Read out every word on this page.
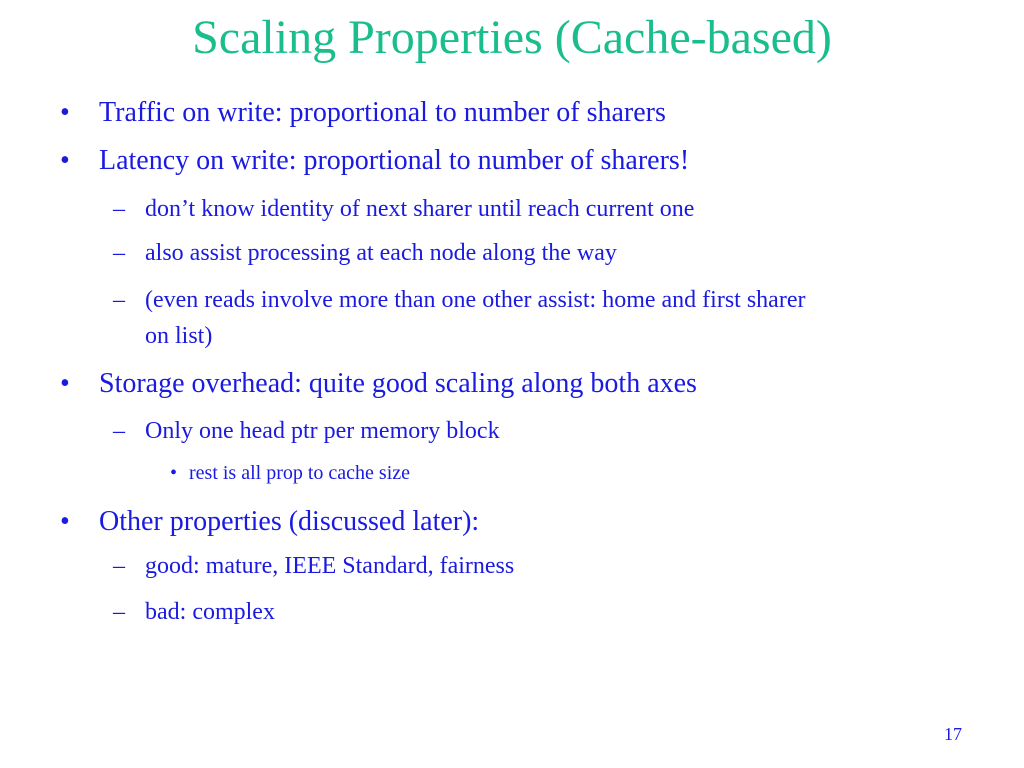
Scaling Properties (Cache-based)
• Traffic on write: proportional to number of sharers
• Latency on write: proportional to number of sharers!
– don’t know identity of next sharer until reach current one
– also assist processing at each node along the way
– (even reads involve more than one other assist: home and first sharer
on list)
• Storage overhead: quite good scaling along both axes
– Only one head ptr per memory block
• rest is all prop to cache size
• Other properties (discussed later):
– good: mature, IEEE Standard, fairness
– bad: complex
17
